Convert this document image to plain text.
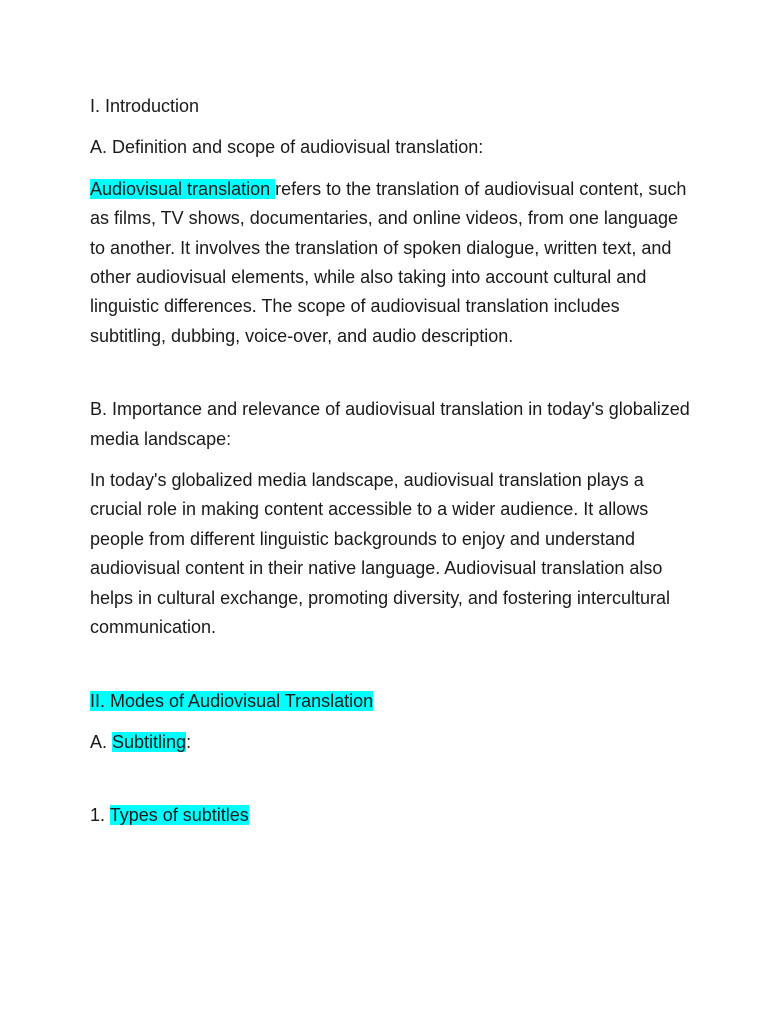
I. Introduction

A. Definition and scope of audiovisual translation:

Audiovisual translation refers to the translation of audiovisual content, such as films, TV shows, documentaries, and online videos, from one language to another. It involves the translation of spoken dialogue, written text, and other audiovisual elements, while also taking into account cultural and linguistic differences. The scope of audiovisual translation includes subtitling, dubbing, voice-over, and audio description.

B. Importance and relevance of audiovisual translation in today's globalized media landscape:

In today's globalized media landscape, audiovisual translation plays a crucial role in making content accessible to a wider audience. It allows people from different linguistic backgrounds to enjoy and understand audiovisual content in their native language. Audiovisual translation also helps in cultural exchange, promoting diversity, and fostering intercultural communication.

II. Modes of Audiovisual Translation

A. Subtitling:

1. Types of subtitles
